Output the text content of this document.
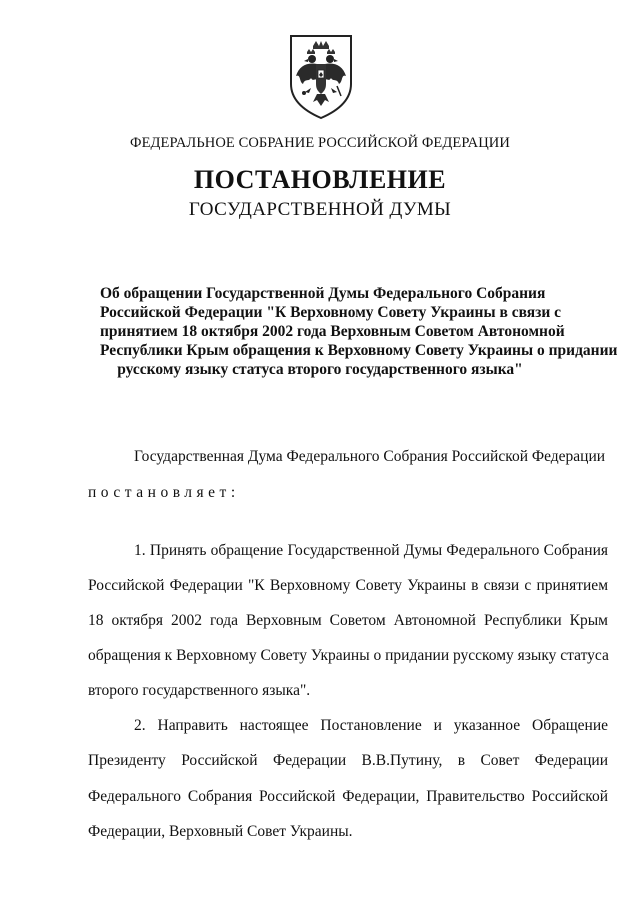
ФЕДЕРАЛЬНОЕ СОБРАНИЕ РОССИЙСКОЙ ФЕДЕРАЦИИ
ПОСТАНОВЛЕНИЕ
ГОСУДАРСТВЕННОЙ ДУМЫ
Об обращении Государственной Думы Федерального Собрания
Российской Федерации "К Верховному Совету Украины в связи с
принятием 18 октября 2002 года Верховным Советом Автономной
Республики Крым обращения к Верховному Совету Украины о придании
русскому языку статуса второго государственного языка"
Государственная Дума Федерального Собрания Российской Федерации
постановляет:
1. Принять обращение Государственной Думы Федерального Собрания
Российской Федерации "К Верховному Совету Украины в связи с принятием
18 октября 2002 года Верховным Советом Автономной Республики Крым
обращения к Верховному Совету Украины о придании русскому языку статуса
второго государственного языка".
2. Направить настоящее Постановление и указанное Обращение
Президенту Российской Федерации В.В.Путину, в Совет Федерации
Федерального Собрания Российской Федерации, Правительство Российской
Федерации, Верховный Совет Украины.
